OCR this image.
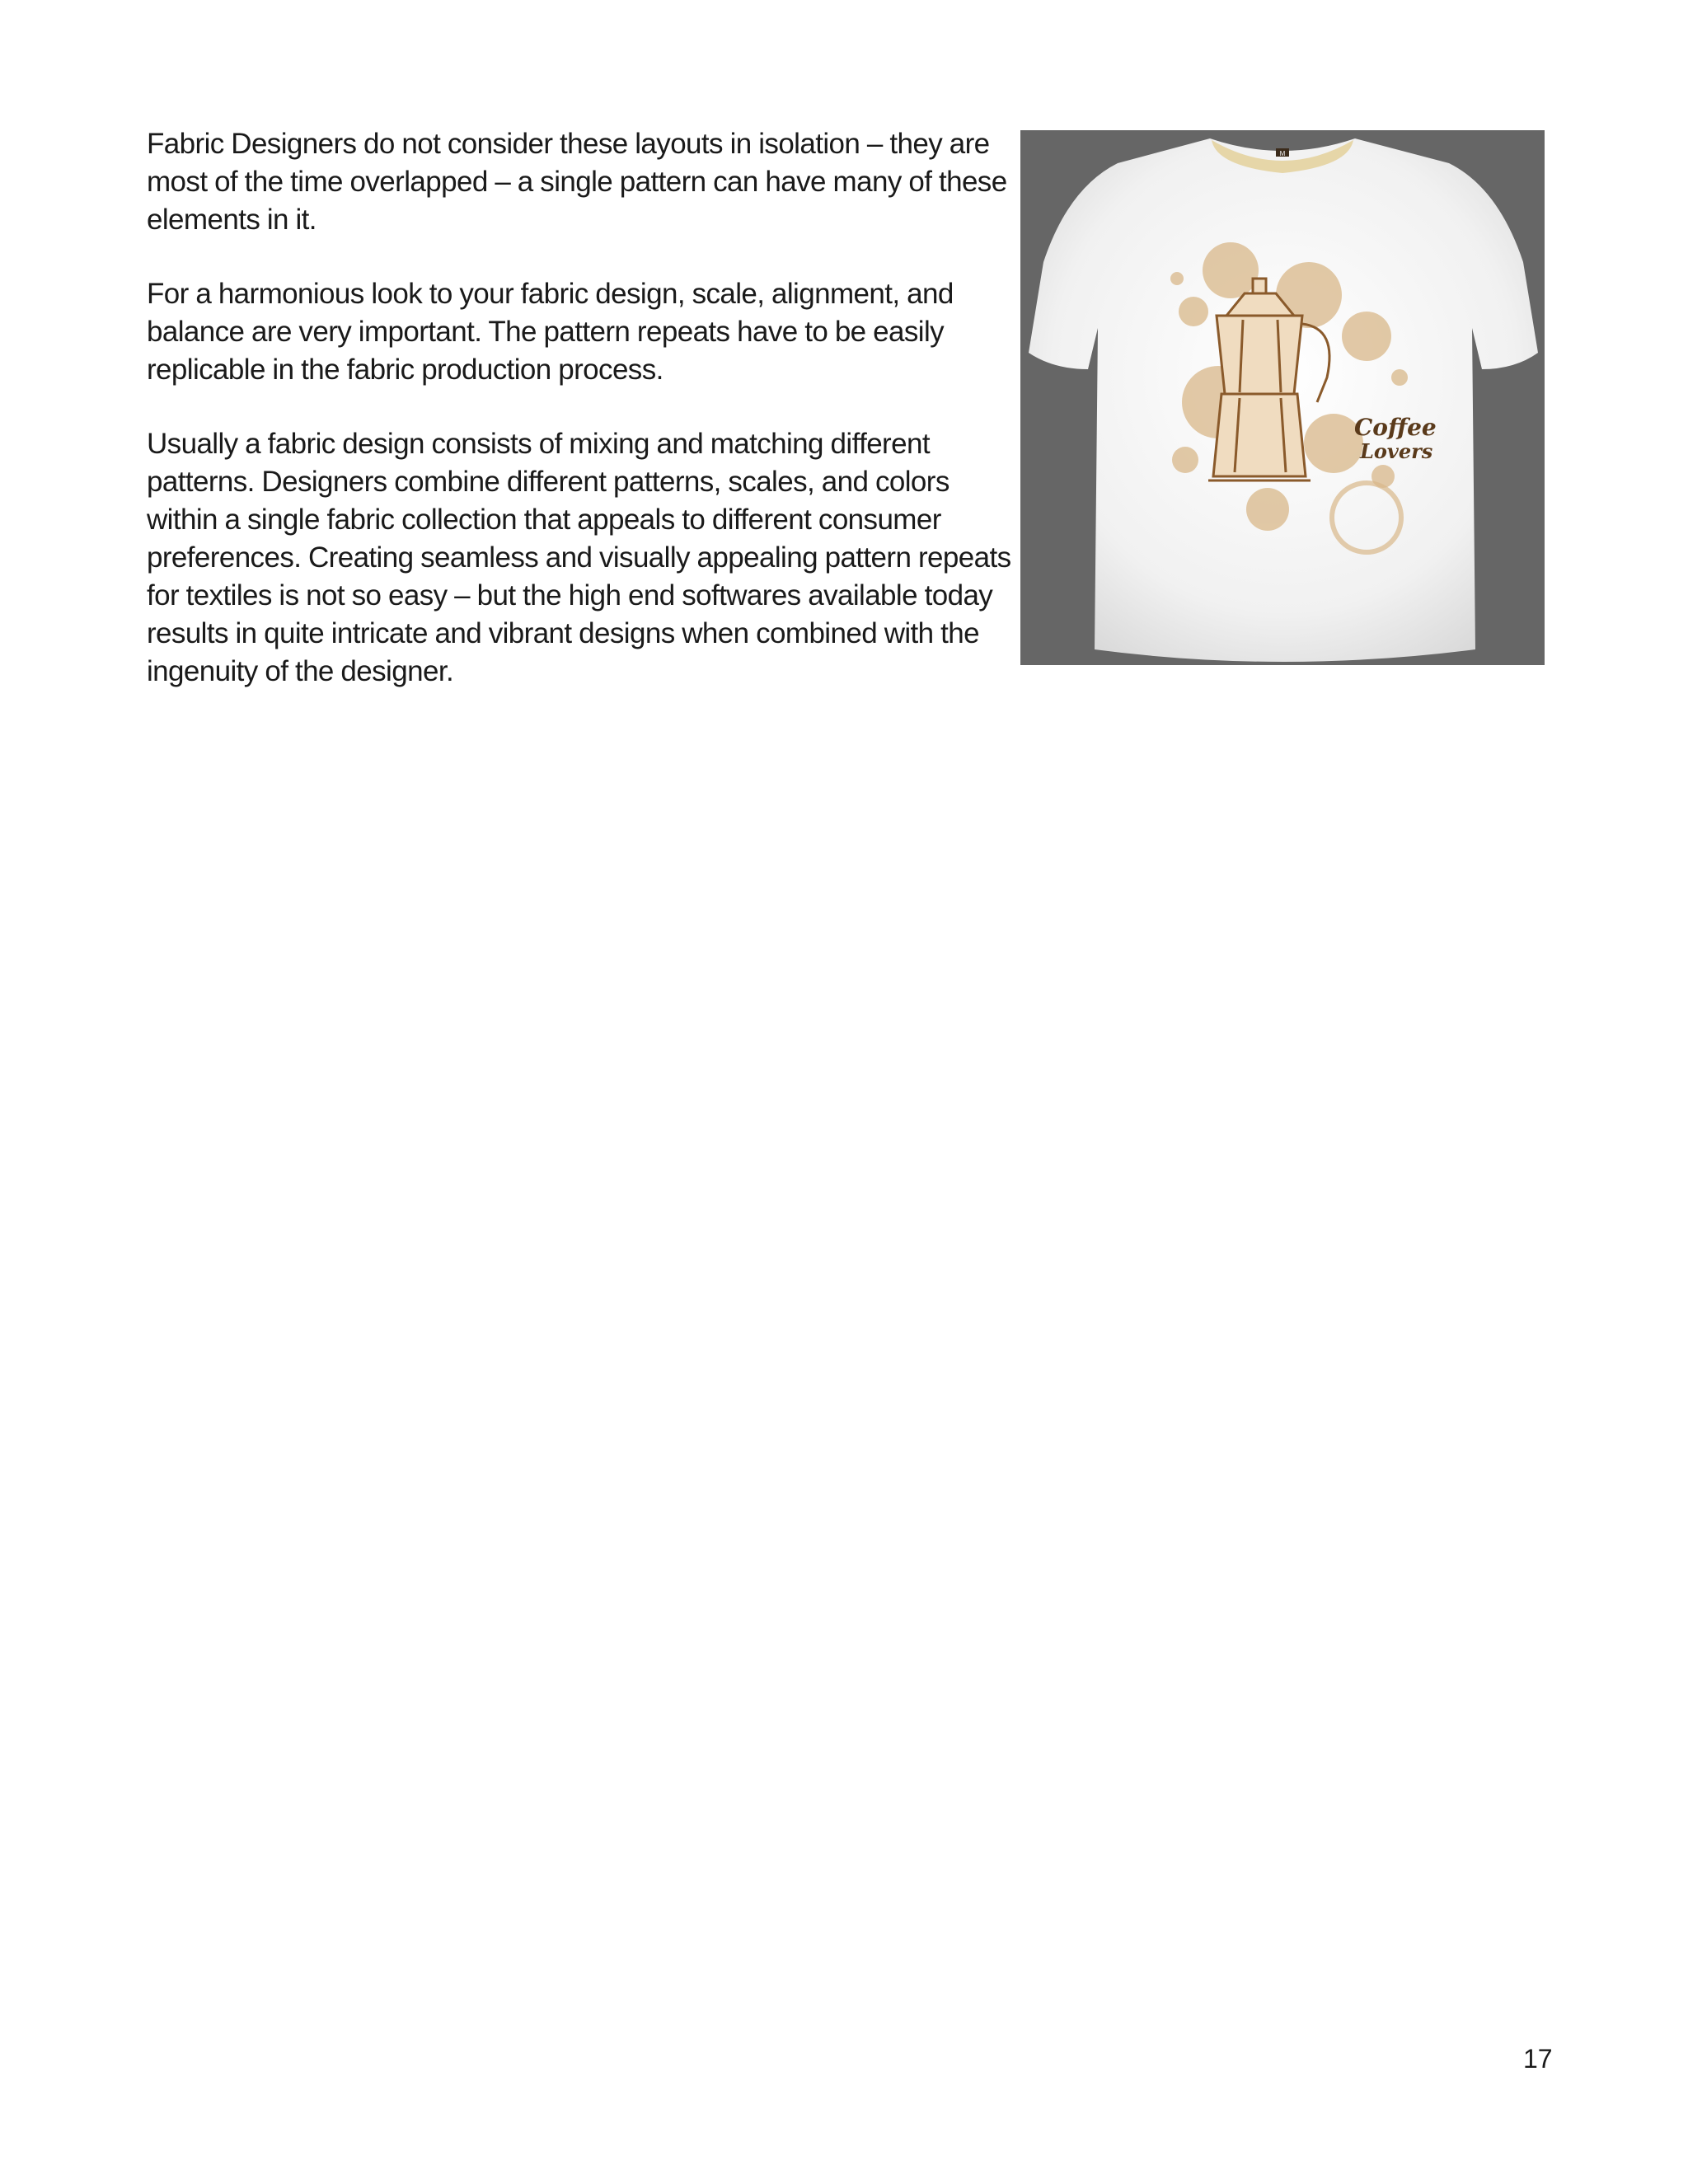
Fabric Designers do not consider these layouts in isolation – they are
most of the time overlapped – a single pattern can have many of these
elements in it.

For a harmonious look to your fabric design, scale, alignment, and
balance are very important. The pattern repeats have to be easily
replicable in the fabric production process.

Usually a fabric design consists of mixing and matching different
patterns. Designers combine different patterns, scales, and colors
within a single fabric collection that appeals to different consumer
preferences. Creating seamless and visually appealing pattern repeats
for textiles is not so easy – but the high end softwares available today
results in quite intricate and vibrant designs when combined with the
ingenuity of the designer.

M
Coffee
Lovers
17
